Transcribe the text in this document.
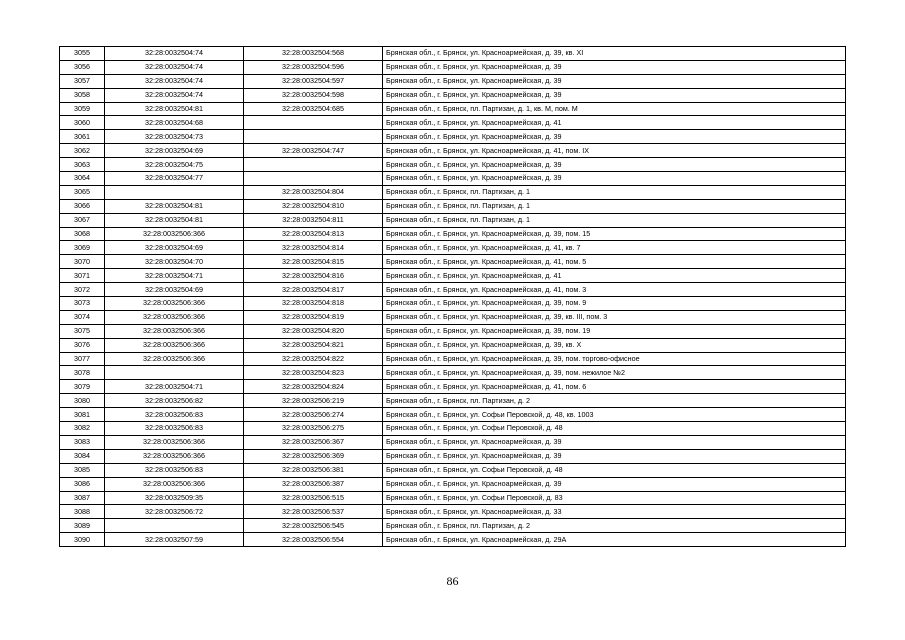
3055	32:28:0032504:74	32:28:0032504:568	Брянская обл., г. Брянск, ул. Красноармейская, д. 39, кв. XI
3056	32:28:0032504:74	32:28:0032504:596	Брянская обл., г. Брянск, ул. Красноармейская, д. 39
3057	32:28:0032504:74	32:28:0032504:597	Брянская обл., г. Брянск, ул. Красноармейская, д. 39
3058	32:28:0032504:74	32:28:0032504:598	Брянская обл., г. Брянск, ул. Красноармейская, д. 39
3059	32:28:0032504:81	32:28:0032504:685	Брянская обл., г. Брянск, пл. Партизан, д. 1, кв. М, пом. М
3060	32:28:0032504:68		Брянская обл., г. Брянск, ул. Красноармейская, д. 41
3061	32:28:0032504:73		Брянская обл., г. Брянск, ул. Красноармейская, д. 39
3062	32:28:0032504:69	32:28:0032504:747	Брянская обл., г. Брянск, ул. Красноармейская, д. 41, пом. IX
3063	32:28:0032504:75		Брянская обл., г. Брянск, ул. Красноармейская, д. 39
3064	32:28:0032504:77		Брянская обл., г. Брянск, ул. Красноармейская, д. 39
3065		32:28:0032504:804	Брянская обл., г. Брянск, пл. Партизан, д. 1
3066	32:28:0032504:81	32:28:0032504:810	Брянская обл., г. Брянск, пл. Партизан, д. 1
3067	32:28:0032504:81	32:28:0032504:811	Брянская обл., г. Брянск, пл. Партизан, д. 1
3068	32:28:0032506:366	32:28:0032504:813	Брянская обл., г. Брянск, ул. Красноармейская, д. 39, пом. 15
3069	32:28:0032504:69	32:28:0032504:814	Брянская обл., г. Брянск, ул. Красноармейская, д. 41, кв. 7
3070	32:28:0032504:70	32:28:0032504:815	Брянская обл., г. Брянск, ул. Красноармейская, д. 41, пом. 5
3071	32:28:0032504:71	32:28:0032504:816	Брянская обл., г. Брянск, ул. Красноармейская, д. 41
3072	32:28:0032504:69	32:28:0032504:817	Брянская обл., г. Брянск, ул. Красноармейская, д. 41, пом. 3
3073	32:28:0032506:366	32:28:0032504:818	Брянская обл., г. Брянск, ул. Красноармейская, д. 39, пом. 9
3074	32:28:0032506:366	32:28:0032504:819	Брянская обл., г. Брянск, ул. Красноармейская, д. 39, кв. III, пом. 3
3075	32:28:0032506:366	32:28:0032504:820	Брянская обл., г. Брянск, ул. Красноармейская, д. 39, пом. 19
3076	32:28:0032506:366	32:28:0032504:821	Брянская обл., г. Брянск, ул. Красноармейская, д. 39, кв. Х
3077	32:28:0032506:366	32:28:0032504:822	Брянская обл., г. Брянск, ул. Красноармейская, д. 39, пом. торгово-офисное
3078		32:28:0032504:823	Брянская обл., г. Брянск, ул. Красноармейская, д. 39, пом. нежилое №2
3079	32:28:0032504:71	32:28:0032504:824	Брянская обл., г. Брянск, ул. Красноармейская, д. 41, пом. 6
3080	32:28:0032506:82	32:28:0032506:219	Брянская обл., г. Брянск, пл. Партизан, д. 2
3081	32:28:0032506:83	32:28:0032506:274	Брянская обл., г. Брянск, ул. Софьи Перовской, д. 48, кв. 1003
3082	32:28:0032506:83	32:28:0032506:275	Брянская обл., г. Брянск, ул. Софьи Перовской, д. 48
3083	32:28:0032506:366	32:28:0032506:367	Брянская обл., г. Брянск, ул. Красноармейская, д. 39
3084	32:28:0032506:366	32:28:0032506:369	Брянская обл., г. Брянск, ул. Красноармейская, д. 39
3085	32:28:0032506:83	32:28:0032506:381	Брянская обл., г. Брянск, ул. Софьи Перовской, д. 48
3086	32:28:0032506:366	32:28:0032506:387	Брянская обл., г. Брянск, ул. Красноармейская, д. 39
3087	32:28:0032509:35	32:28:0032506:515	Брянская обл., г. Брянск, ул. Софьи Перовской, д. 83
3088	32:28:0032506:72	32:28:0032506:537	Брянская обл., г. Брянск, ул. Красноармейская, д. 33
3089		32:28:0032506:545	Брянская обл., г. Брянск, пл. Партизан, д. 2
3090	32:28:0032507:59	32:28:0032506:554	Брянская обл., г. Брянск, ул. Красноармейская, д. 29А
86
